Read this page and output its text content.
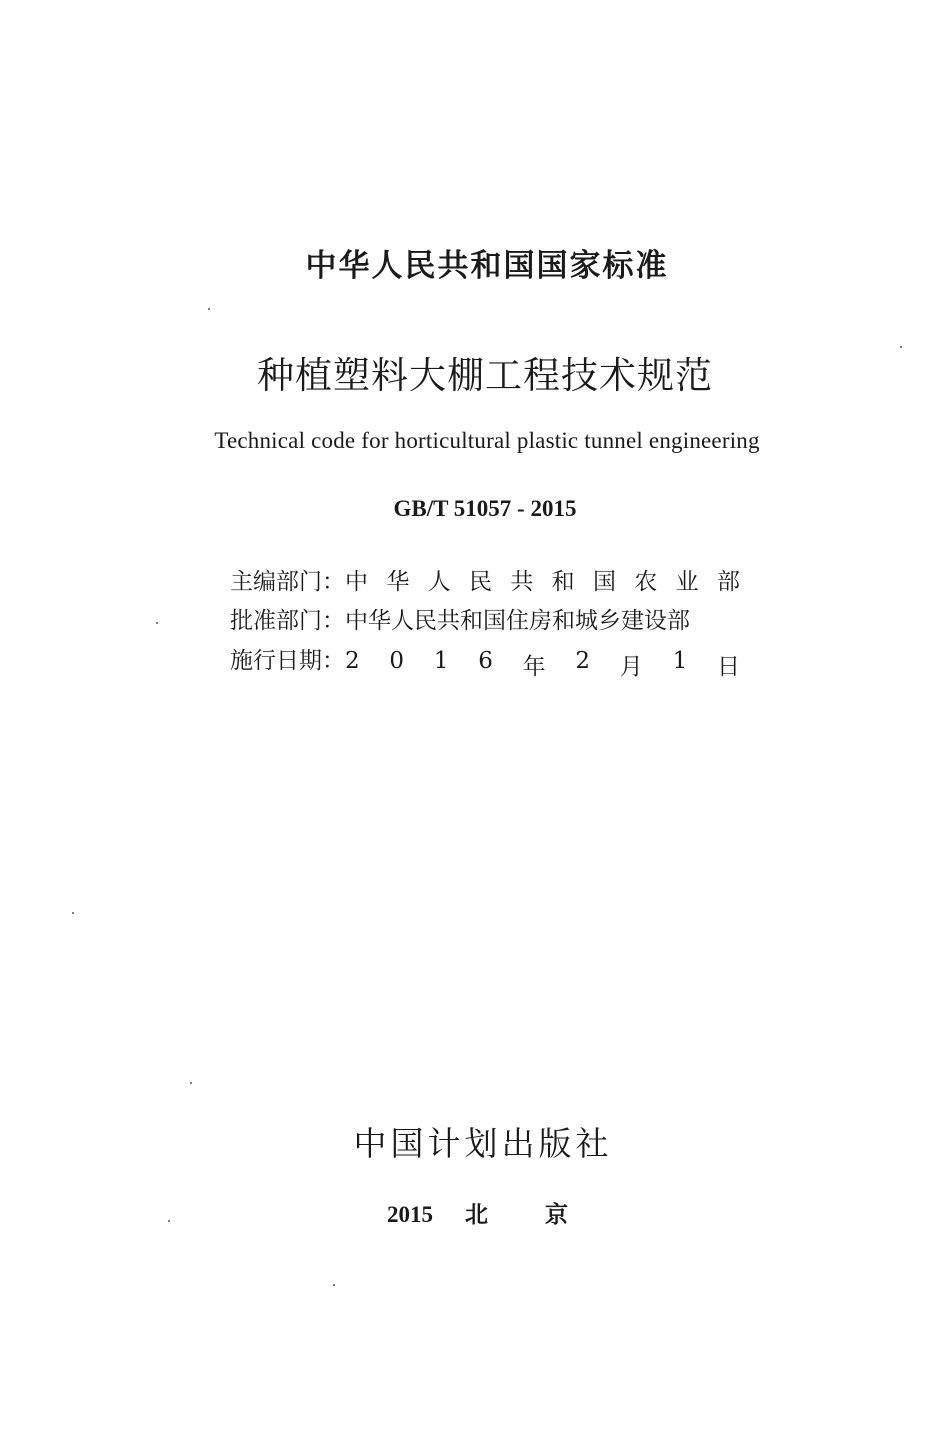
中华人民共和国国家标准
种植塑料大棚工程技术规范
Technical code for horticultural plastic tunnel engineering
GB/T 51057 - 2015
主编部门： 中 华 人 民 共 和 国 农 业 部
批准部门： 中华人民共和国住房和城乡建设部
施行日期： 2 0 1 6 年 2 月 1 日
中国计划出版社
2015 北 京
